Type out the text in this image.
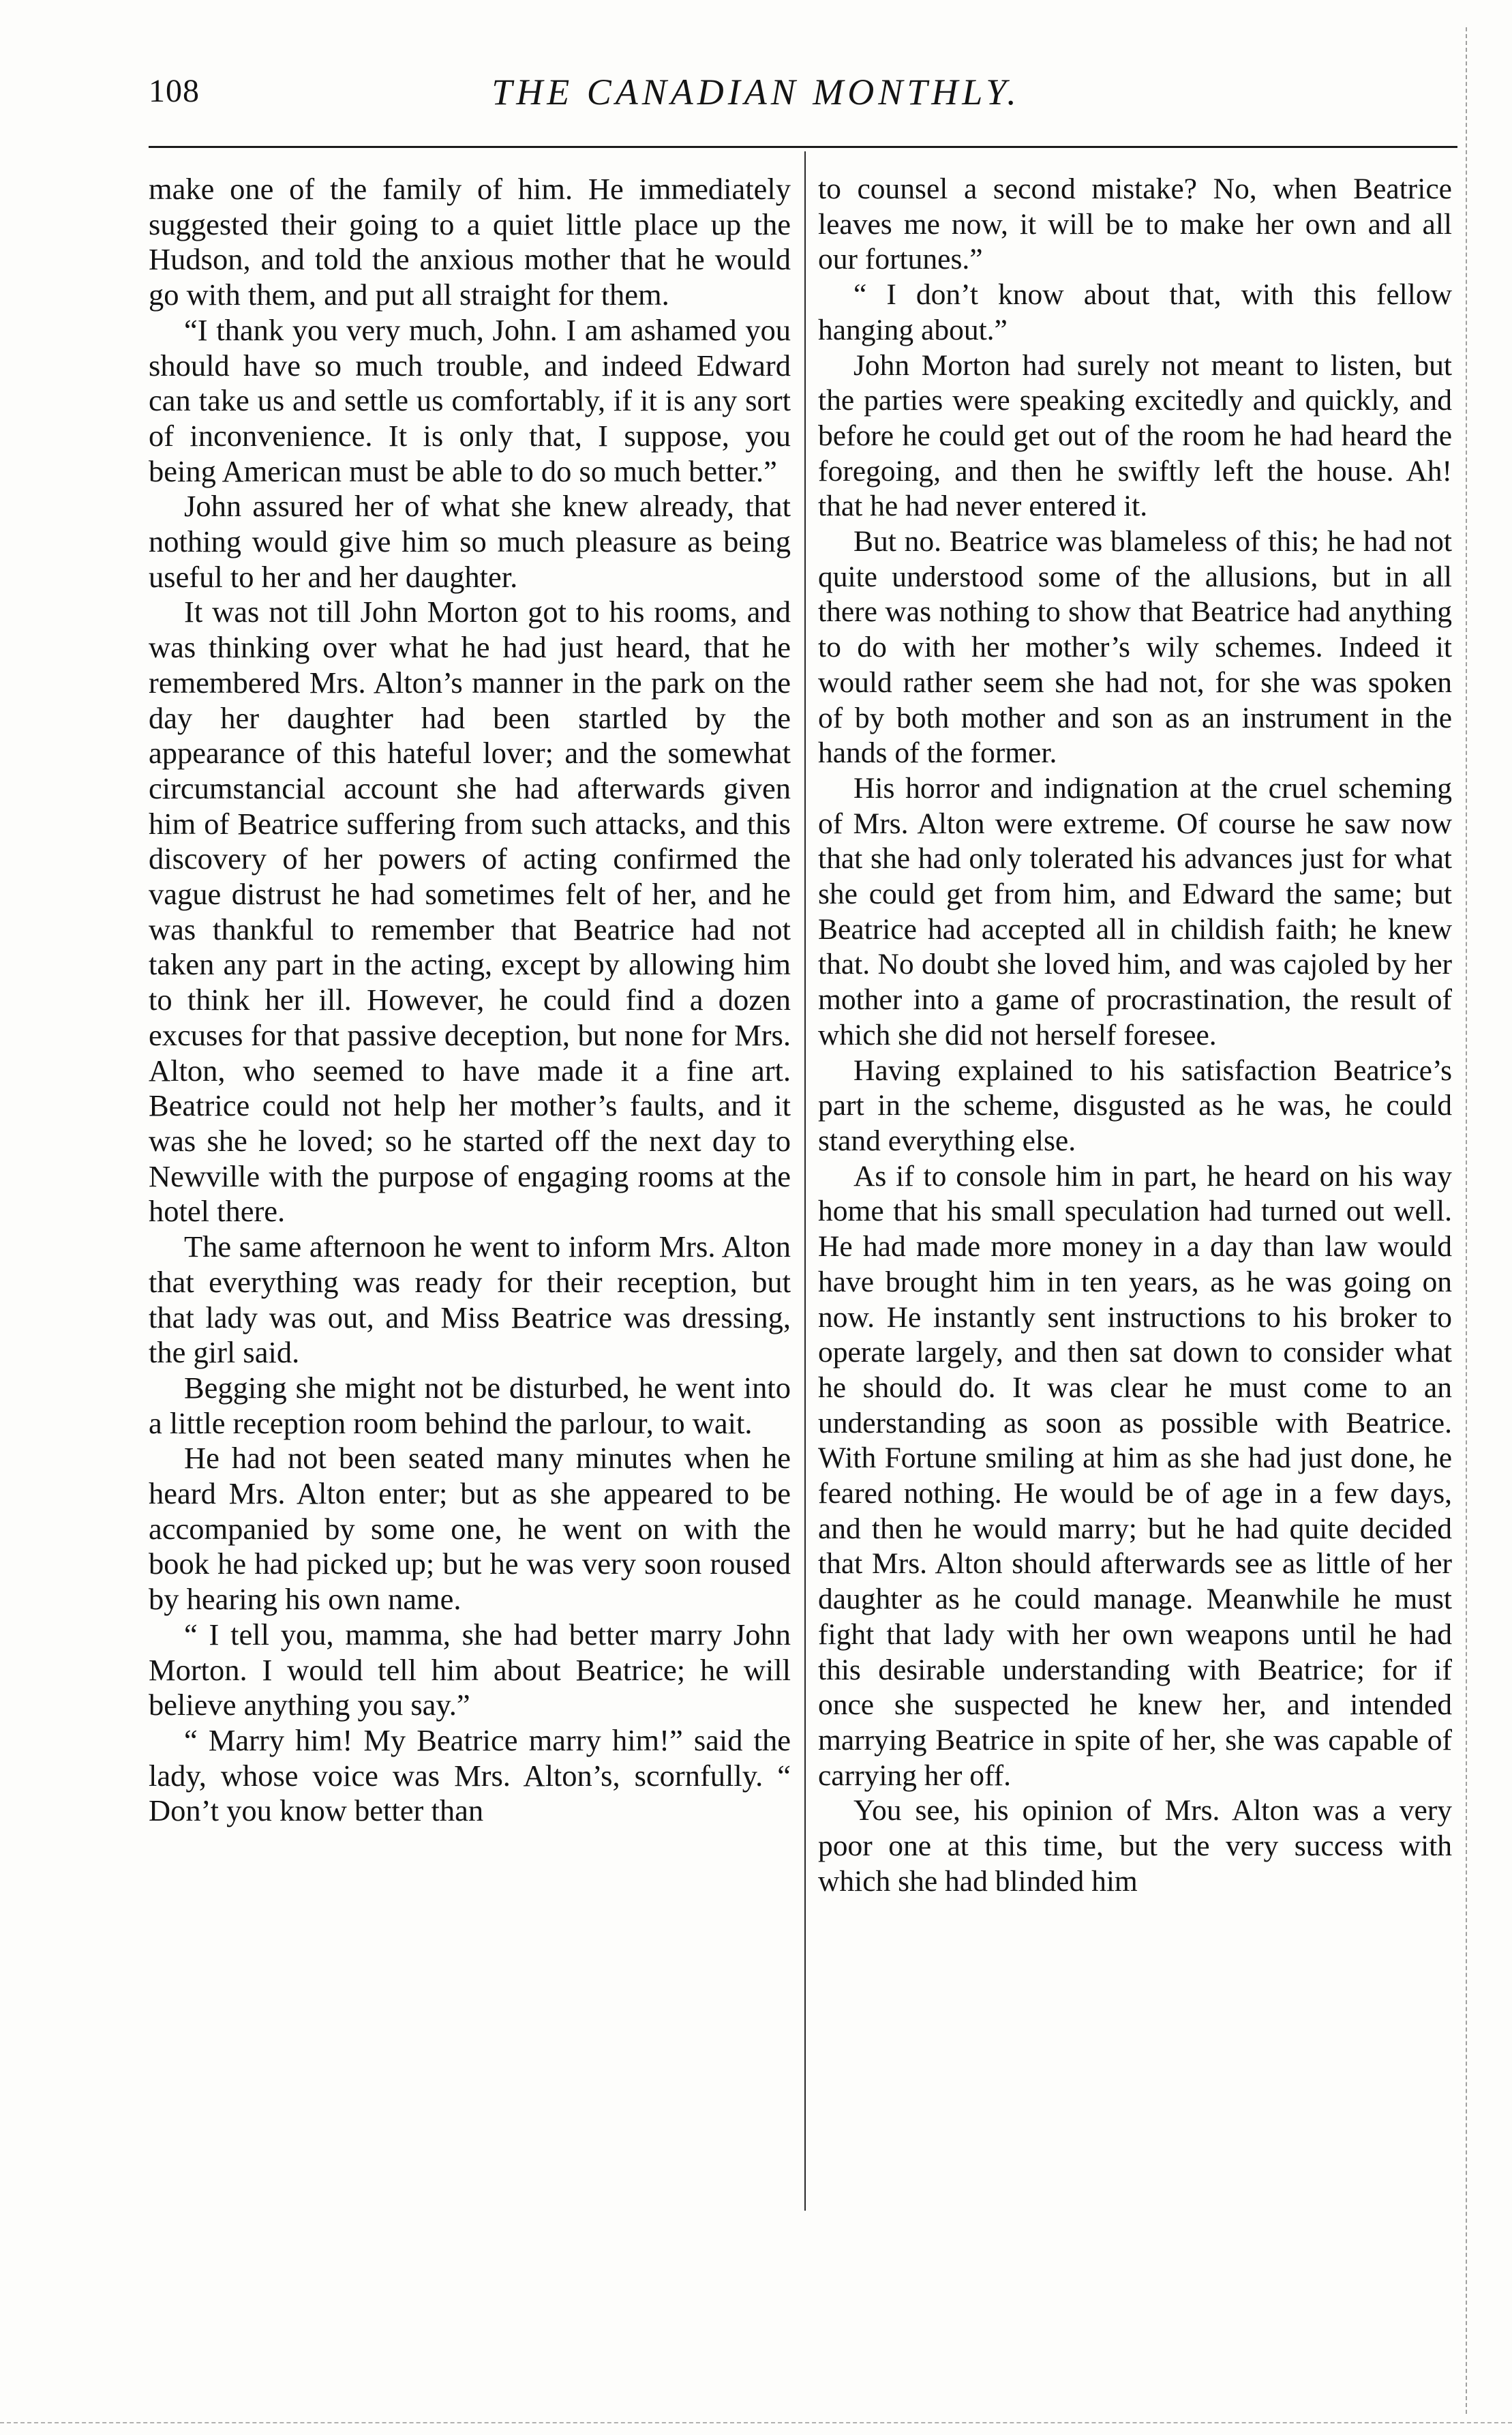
108	THE CANADIAN MONTHLY.

make one of the family of him. He immediately suggested their going to a quiet little place up the Hudson, and told the anxious mother that he would go with them, and put all straight for them.

“I thank you very much, John. I am ashamed you should have so much trouble, and indeed Edward can take us and settle us comfortably, if it is any sort of inconvenience. It is only that, I suppose, you being American must be able to do so much better.”

John assured her of what she knew already, that nothing would give him so much pleasure as being useful to her and her daughter.

It was not till John Morton got to his rooms, and was thinking over what he had just heard, that he remembered Mrs. Alton’s manner in the park on the day her daughter had been startled by the appearance of this hateful lover; and the somewhat circumstancial account she had afterwards given him of Beatrice suffering from such attacks, and this discovery of her powers of acting confirmed the vague distrust he had sometimes felt of her, and he was thankful to remember that Beatrice had not taken any part in the acting, except by allowing him to think her ill. However, he could find a dozen excuses for that passive deception, but none for Mrs. Alton, who seemed to have made it a fine art. Beatrice could not help her mother’s faults, and it was she he loved; so he started off the next day to Newville with the purpose of engaging rooms at the hotel there.

The same afternoon he went to inform Mrs. Alton that everything was ready for their reception, but that lady was out, and Miss Beatrice was dressing, the girl said.

Begging she might not be disturbed, he went into a little reception room behind the parlour, to wait.

He had not been seated many minutes when he heard Mrs. Alton enter; but as she appeared to be accompanied by some one, he went on with the book he had picked up; but he was very soon roused by hearing his own name.

“ I tell you, mamma, she had better marry John Morton. I would tell him about Beatrice; he will believe anything you say.”

“ Marry him! My Beatrice marry him!” said the lady, whose voice was Mrs. Alton’s, scornfully. “ Don’t you know better than

to counsel a second mistake? No, when Beatrice leaves me now, it will be to make her own and all our fortunes.”

“ I don’t know about that, with this fellow hanging about.”

John Morton had surely not meant to listen, but the parties were speaking excitedly and quickly, and before he could get out of the room he had heard the foregoing, and then he swiftly left the house. Ah! that he had never entered it.

But no. Beatrice was blameless of this; he had not quite understood some of the allusions, but in all there was nothing to show that Beatrice had anything to do with her mother’s wily schemes. Indeed it would rather seem she had not, for she was spoken of by both mother and son as an instrument in the hands of the former.

His horror and indignation at the cruel scheming of Mrs. Alton were extreme. Of course he saw now that she had only tolerated his advances just for what she could get from him, and Edward the same; but Beatrice had accepted all in childish faith; he knew that. No doubt she loved him, and was cajoled by her mother into a game of procrastination, the result of which she did not herself foresee.

Having explained to his satisfaction Beatrice’s part in the scheme, disgusted as he was, he could stand everything else.

As if to console him in part, he heard on his way home that his small speculation had turned out well. He had made more money in a day than law would have brought him in ten years, as he was going on now. He instantly sent instructions to his broker to operate largely, and then sat down to consider what he should do. It was clear he must come to an understanding as soon as possible with Beatrice. With Fortune smiling at him as she had just done, he feared nothing. He would be of age in a few days, and then he would marry; but he had quite decided that Mrs. Alton should afterwards see as little of her daughter as he could manage. Meanwhile he must fight that lady with her own weapons until he had this desirable understanding with Beatrice; for if once she suspected he knew her, and intended marrying Beatrice in spite of her, she was capable of carrying her off.

You see, his opinion of Mrs. Alton was a very poor one at this time, but the very success with which she had blinded him
